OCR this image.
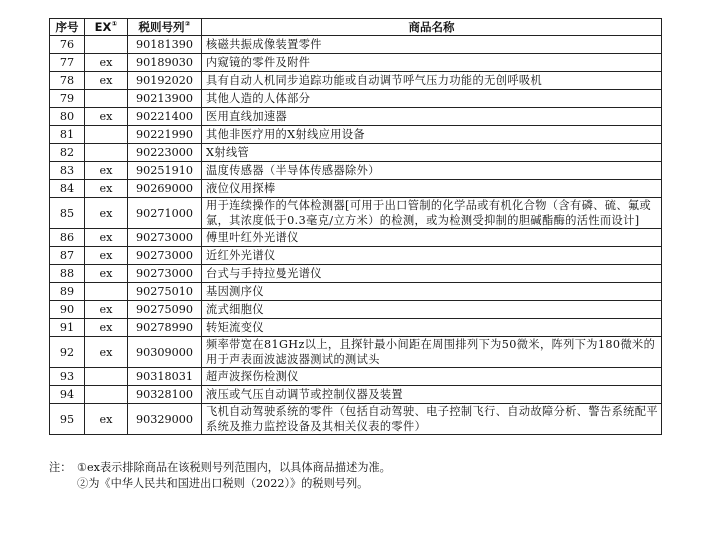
序号	EX①	税则号列②	商品名称
76		90181390	核磁共振成像装置零件
77	ex	90189030	内窥镜的零件及附件
78	ex	90192020	具有自动人机同步追踪功能或自动调节呼气压力功能的无创呼吸机
79		90213900	其他人造的人体部分
80	ex	90221400	医用直线加速器
81		90221990	其他非医疗用的X射线应用设备
82		90223000	X射线管
83	ex	90251910	温度传感器（半导体传感器除外）
84	ex	90269000	液位仪用探棒
85	ex	90271000	用于连续操作的气体检测器[可用于出口管制的化学品或有机化合物（含有磷、硫、氟或氯，其浓度低于0.3毫克/立方米）的检测，或为检测受抑制的胆碱酯酶的活性而设计]
86	ex	90273000	傅里叶红外光谱仪
87	ex	90273000	近红外光谱仪
88	ex	90273000	台式与手持拉曼光谱仪
89		90275010	基因测序仪
90	ex	90275090	流式细胞仪
91	ex	90278990	转矩流变仪
92	ex	90309000	频率带宽在81GHz以上，且探针最小间距在周围排列下为50微米，阵列下为180微米的用于声表面波滤波器测试的测试头
93		90318031	超声波探伤检测仪
94		90328100	液压或气压自动调节或控制仪器及装置
95	ex	90329000	飞机自动驾驶系统的零件（包括自动驾驶、电子控制飞行、自动故障分析、警告系统配平系统及推力监控设备及其相关仪表的零件）
注： ①ex表示排除商品在该税则号列范围内，以具体商品描述为准。
②为《中华人民共和国进出口税则（2022）》的税则号列。
